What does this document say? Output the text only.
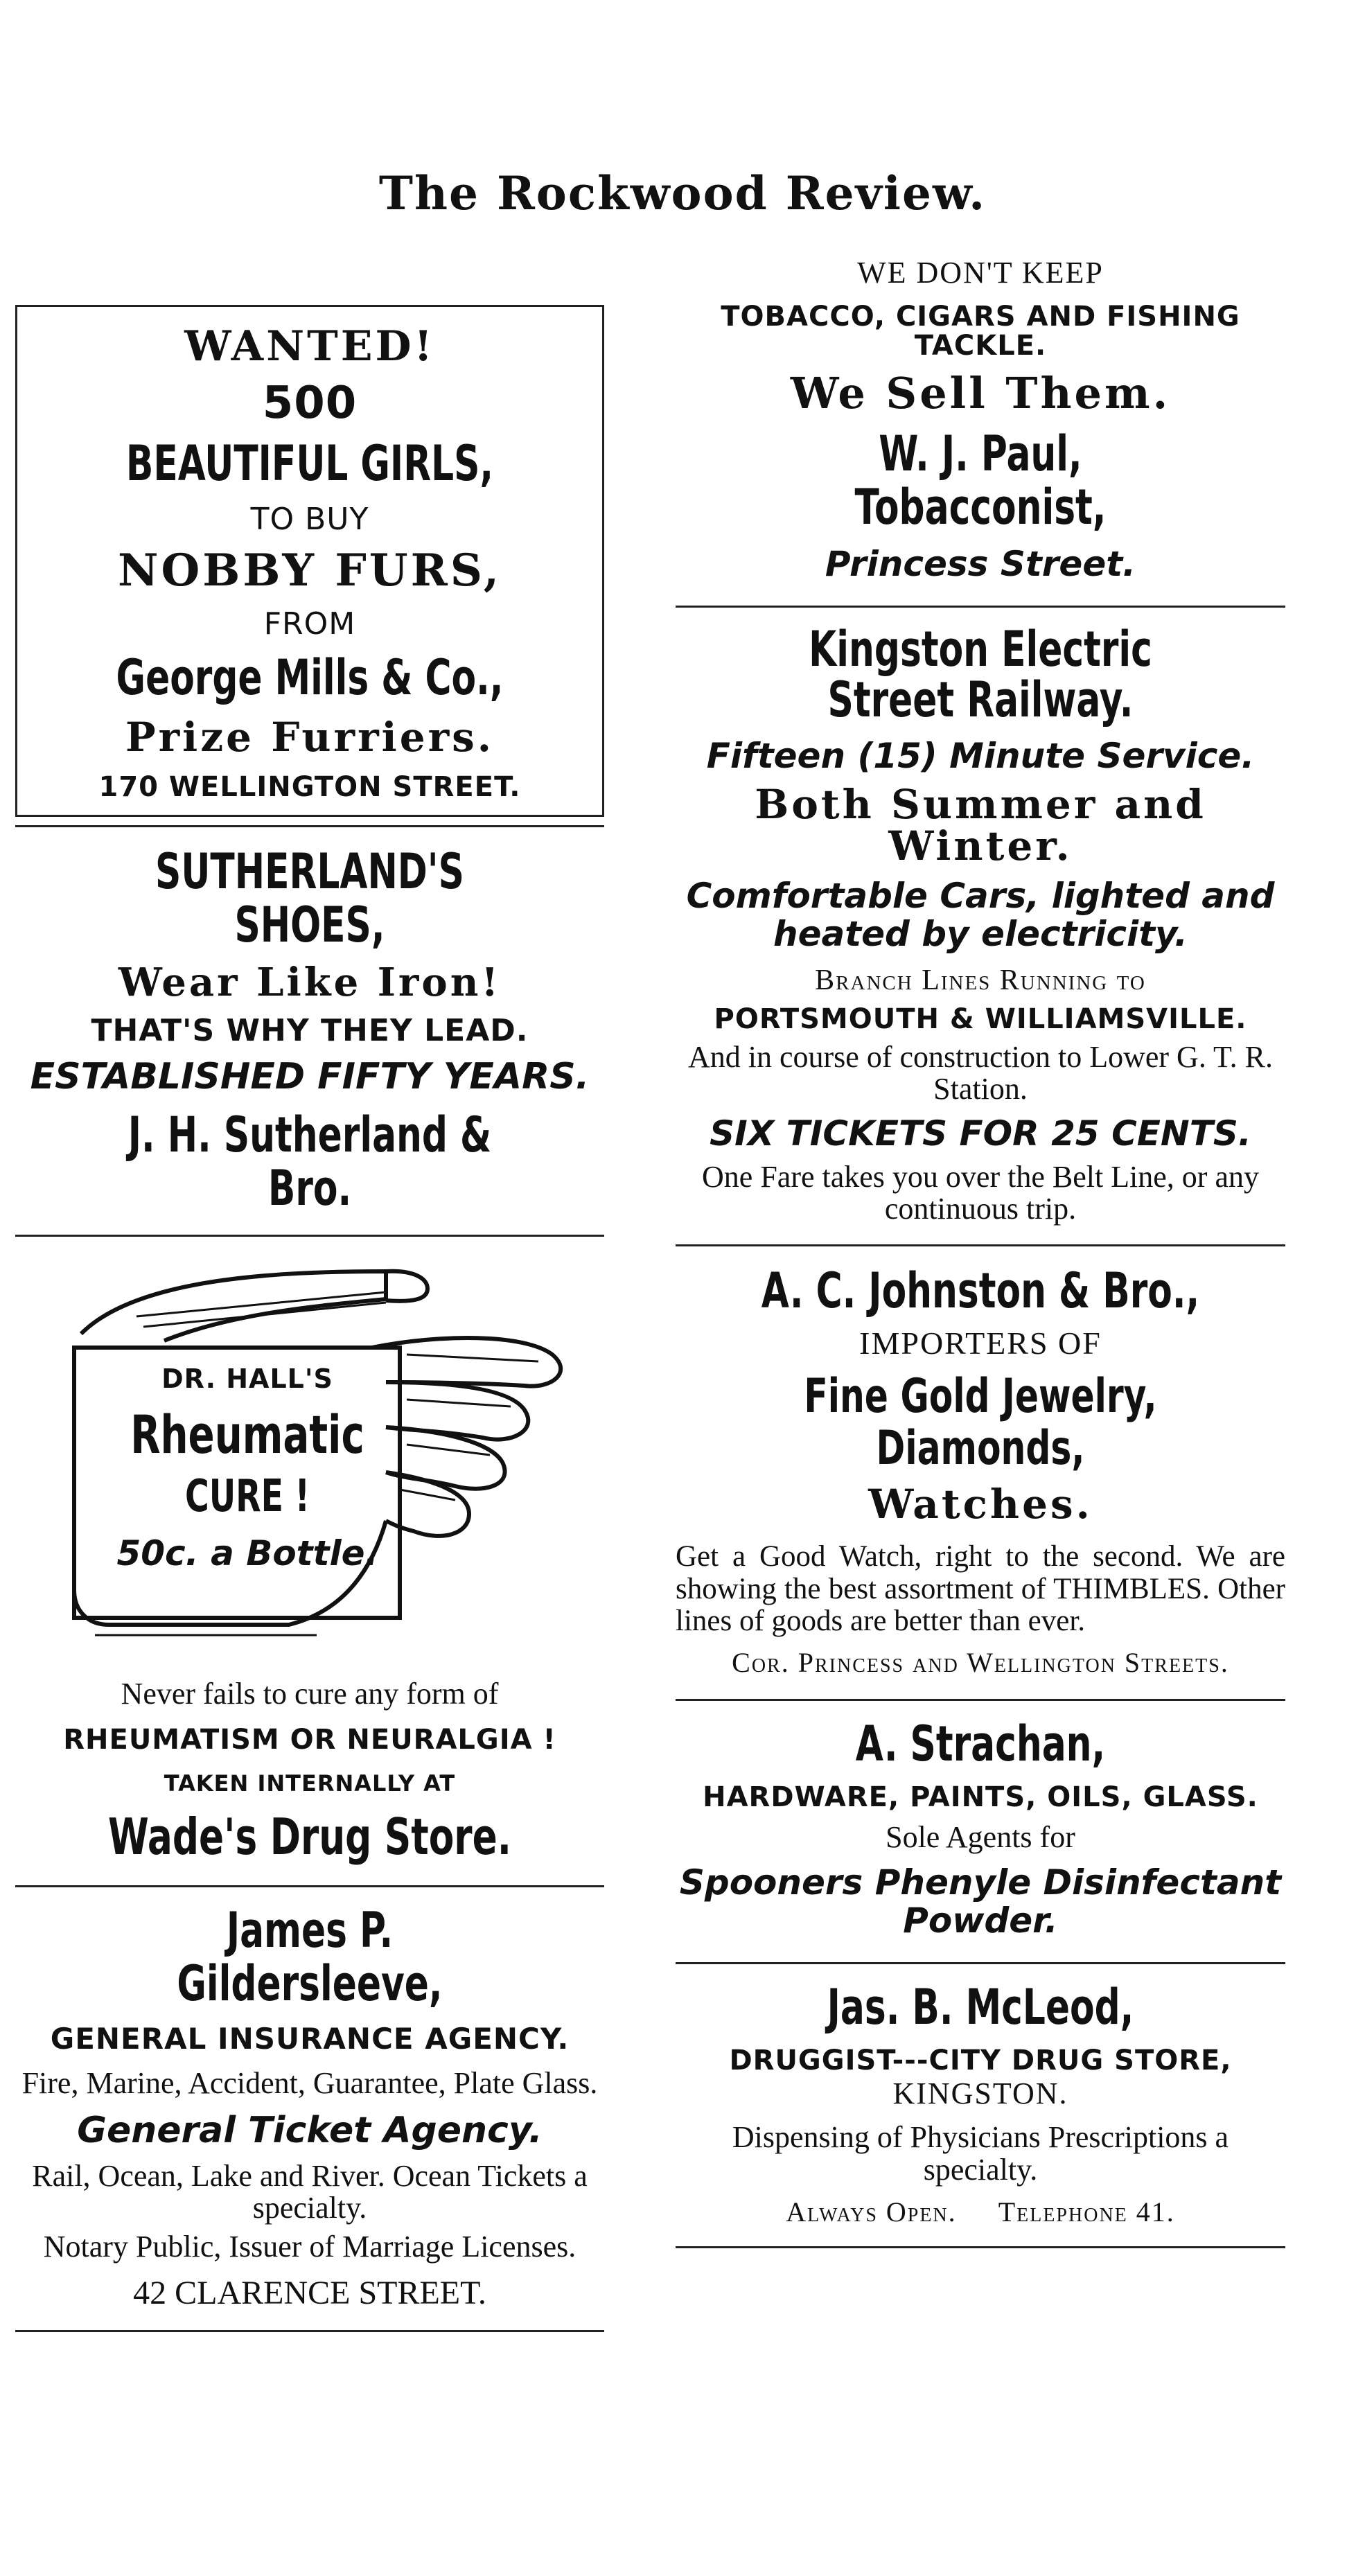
The Rockwood Review.
WANTED!
500
BEAUTIFUL GIRLS,
TO BUY
NOBBY FURS,
FROM
George Mills & Co.,
Prize Furriers.
170 WELLINGTON STREET.
SUTHERLAND'S SHOES,
Wear Like Iron!
THAT'S WHY THEY LEAD.
ESTABLISHED FIFTY YEARS.
J. H. Sutherland & Bro.
DR. HALL'S
Rheumatic
CURE !
50c. a Bottle.
Never fails to cure any form of
RHEUMATISM OR NEURALGIA !
TAKEN INTERNALLY AT
Wade's Drug Store.
James P. Gildersleeve,
GENERAL INSURANCE AGENCY.
Fire, Marine, Accident, Guarantee, Plate Glass.
General Ticket Agency.
Rail, Ocean, Lake and River. Ocean Tickets a specialty.
Notary Public, Issuer of Marriage Licenses.
42 CLARENCE STREET.
WE DON'T KEEP
TOBACCO, CIGARS AND FISHING TACKLE.
We Sell Them.
W. J. Paul, Tobacconist,
Princess Street.
Kingston Electric Street Railway.
Fifteen (15) Minute Service.
Both Summer and Winter.
Comfortable Cars, lighted and heated by electricity.
Branch Lines Running to
PORTSMOUTH & WILLIAMSVILLE.
And in course of construction to Lower G. T. R. Station.
SIX TICKETS FOR 25 CENTS.
One Fare takes you over the Belt Line, or any continuous trip.
A. C. Johnston & Bro.,
IMPORTERS OF
Fine Gold Jewelry, Diamonds,
Watches.
Get a Good Watch, right to the second. We are showing the best assortment of THIMBLES. Other lines of goods are better than ever.
Cor. Princess and Wellington Streets.
A. Strachan,
HARDWARE, PAINTS, OILS, GLASS.
Sole Agents for
Spooners Phenyle Disinfectant Powder.
Jas. B. McLeod,
DRUGGIST---CITY DRUG STORE,
KINGSTON.
Dispensing of Physicians Prescriptions a specialty.
Always Open. Telephone 41.
